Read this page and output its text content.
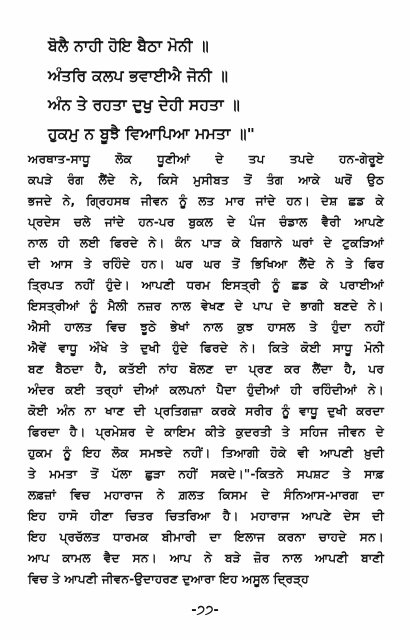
ਬੋਲੈ ਨਾਹੀ ਹੋਇ ਬੈਠਾ ਮੋਨੀ ॥
ਅੰਤਰਿ ਕਲਪ ਭਵਾਈਐ ਜੋਨੀ ॥
ਅੰਨ ਤੇ ਰਹਤਾ ਦੁਖੁ ਦੇਹੀ ਸਹਤਾ ॥
ਹੁਕਮੁ ਨ ਬੂਝੈ ਵਿਆਪਿਆ ਮਮਤਾ ॥"
ਅਰਥਾਤ-ਸਾਧੂ ਲੋਕ ਧੂਣੀਆਂ ਦੇ ਤਪ ਤਪਦੇ ਹਨ-ਗੇਰੂਏ
ਕਪੜੇ ਰੰਗ ਲੈਂਦੇ ਨੇ, ਕਿਸੇ ਮੁਸੀਬਤ ਤੋਂ ਤੰਗ ਆਕੇ ਘਰੋਂ ਉਠ
ਭਜਦੇ ਨੇ, ਗ੍ਰਿਹਸਥ ਜੀਵਨ ਨੂੰ ਲਤ ਮਾਰ ਜਾਂਦੇ ਹਨ। ਦੇਸ਼ ਛਡ ਕੇ
ਪ੍ਰਦੇਸ ਚਲੇ ਜਾਂਦੇ ਹਨ-ਪਰ ਬੁਕਲ ਦੇ ਪੰਜ ਚੰਡਾਲ ਵੈਰੀ ਆਪਣੇ
ਨਾਲ ਹੀ ਲਈ ਫਿਰਦੇ ਨੇ। ਕੰਨ ਪਾੜ ਕੇ ਬਿਗਾਨੇ ਘਰਾਂ ਦੇ ਟੁਕੜਿਆਂ
ਦੀ ਆਸ ਤੇ ਰਹਿੰਦੇ ਹਨ। ਘਰ ਘਰ ਤੋਂ ਭਿਖਿਆ ਲੈਂਦੇ ਨੇ ਤੇ ਫਿਰ
ਤ੍ਰਿਪਤ ਨਹੀਂ ਹੁੰਦੇ। ਆਪਣੀ ਧਰਮ ਇਸਤ੍ਰੀ ਨੂੰ ਛਡ ਕੇ ਪਰਾਈਆਂ
ਇਸਤ੍ਰੀਆਂ ਨੂੰ ਮੈਲੀ ਨਜ਼ਰ ਨਾਲ ਵੇਖਣ ਦੇ ਪਾਪ ਦੇ ਭਾਗੀ ਬਣਦੇ ਨੇ।
ਐਸੀ ਹਾਲਤ ਵਿਚ ਝੂਠੇ ਭੇਖਾਂ ਨਾਲ ਕੁਝ ਹਾਸਲ ਤੇ ਹੁੰਦਾ ਨਹੀਂ
ਐਵੇਂ ਵਾਧੂ ਔਖੇ ਤੇ ਦੁਖੀ ਹੁੰਦੇ ਫਿਰਦੇ ਨੇ। ਕਿਤੇ ਕੋਈ ਸਾਧੂ ਮੋਨੀ
ਬਣ ਬੈਠਦਾ ਹੈ, ਕਤੱਈ ਨਾਂਹ ਬੋਲਣ ਦਾ ਪ੍ਰਣ ਕਰ ਲੈਂਦਾ ਹੈ, ਪਰ
ਅੰਦਰ ਕਈ ਤਰ੍ਹਾਂ ਦੀਆਂ ਕਲਪਨਾਂ ਪੈਦਾ ਹੁੰਦੀਆਂ ਹੀ ਰਹਿੰਦੀਆਂ ਨੇ।
ਕੋਈ ਅੰਨ ਨਾ ਖਾਣ ਦੀ ਪ੍ਰਤਿਗਜ਼ਾ ਕਰਕੇ ਸਰੀਰ ਨੂੰ ਵਾਧੂ ਦੁਖੀ ਕਰਦਾ
ਫਿਰਦਾ ਹੈ। ਪ੍ਰਮੇਸ਼ਰ ਦੇ ਕਾਇਮ ਕੀਤੇ ਕੁਦਰਤੀ ਤੇ ਸਹਿਜ ਜੀਵਨ ਦੇ
ਹੁਕਮ ਨੂੰ ਇਹ ਲੋਕ ਸਮਝਦੇ ਨਹੀਂ। ਤਿਆਗੀ ਹੋਕੇ ਵੀ ਆਪਣੀ ਖ਼ੁਦੀ
ਤੇ ਮਮਤਾ ਤੋਂ ਪੱਲਾ ਛੁੜਾ ਨਹੀਂ ਸਕਦੇ।"-ਕਿਤਨੇ ਸਪਸ਼ਟ ਤੇ ਸਾਫ਼
ਲਫ਼ਜ਼ਾਂ ਵਿਚ ਮਹਾਰਾਜ ਨੇ ਗ਼ਲਤ ਕਿਸਮ ਦੇ ਸੰਨਿਆਸ-ਮਾਰਗ ਦਾ
ਇਹ ਹਾਸੋ ਹੀਣਾ ਚਿਤਰ ਚਿਤਰਿਆ ਹੈ। ਮਹਾਰਾਜ ਆਪਣੇ ਦੇਸ ਦੀ
ਇਹ ਪ੍ਰਚੱਲਤ ਧਾਰਮਕ ਬੀਮਾਰੀ ਦਾ ਇਲਾਜ ਕਰਨਾ ਚਾਹਦੇ ਸਨ।
ਆਪ ਕਾਮਲ ਵੈਦ ਸਨ। ਆਪ ਨੇ ਬੜੇ ਜ਼ੋਰ ਨਾਲ ਆਪਣੀ ਬਾਣੀ
ਵਿਚ ਤੇ ਆਪਣੀ ਜੀਵਨ-ਉਦਾਹਰਣ ਦੁਆਰਾ ਇਹ ਅਸੂਲ ਦ੍ਰਿੜ੍ਹ
-੭੭-
